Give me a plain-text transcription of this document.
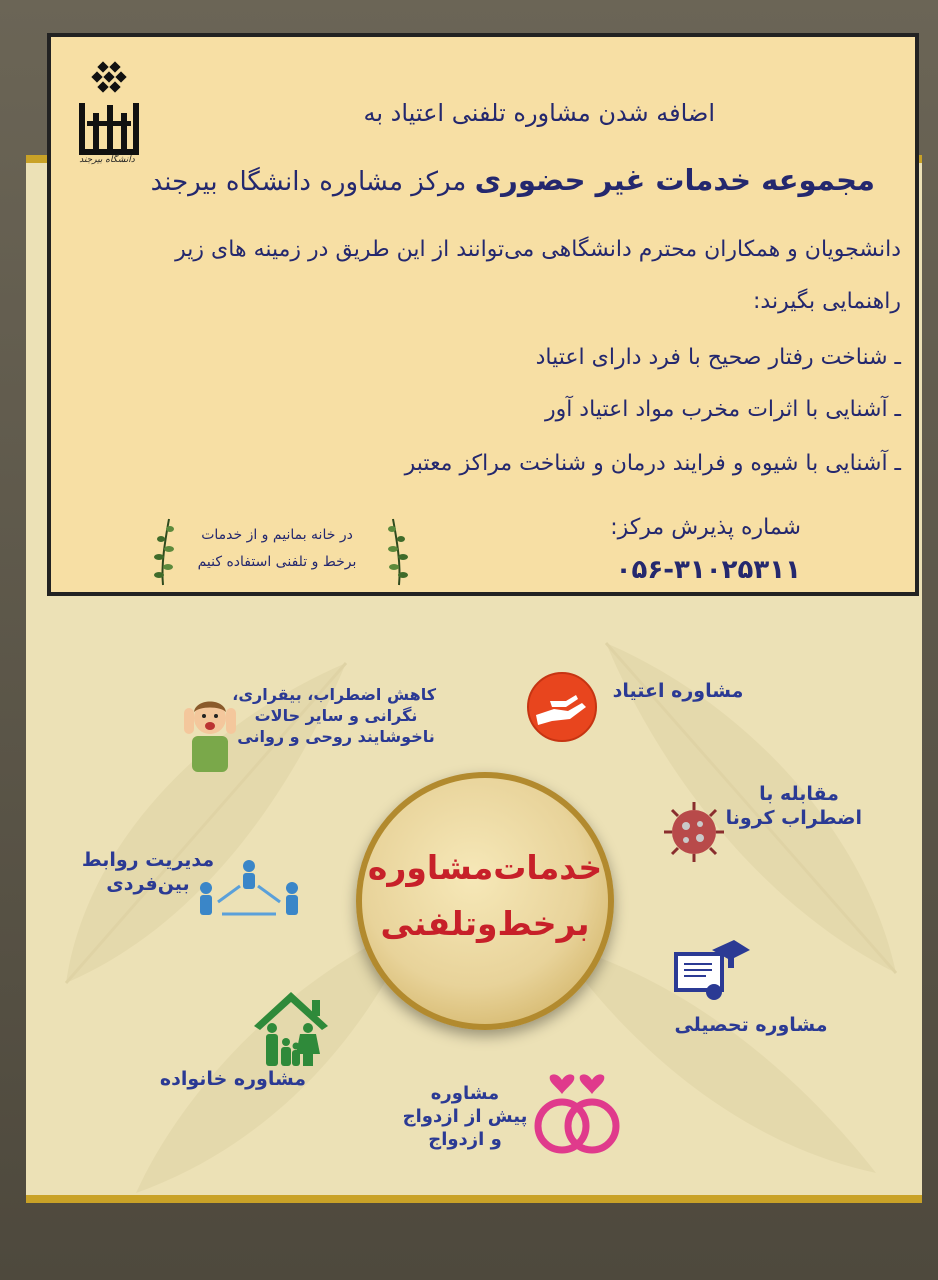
دانشگاه بیرجند
اضافه شدن مشاوره تلفنی اعتیاد به
مجموعه خدمات غیر حضوری مرکز مشاوره دانشگاه بیرجند
دانشجویان و همکاران محترم دانشگاهی می‌توانند از این طریق در زمینه های زیر
راهنمایی بگیرند:
ـ شناخت رفتار صحیح با فرد دارای اعتیاد
ـ آشنایی با اثرات مخرب مواد اعتیاد آور
ـ آشنایی با شیوه و فرایند درمان و شناخت مراکز معتبر
در خانه بمانیم و از خدمات
برخط و تلفنی استفاده کنیم
شماره پذیرش مرکز:
۰۵۶-۳۱۰۲۵۳۱۱
خدمات‌مشاوره
برخط‌وتلفنی
مشاوره اعتیاد
کاهش اضطراب، بیقراری،
نگرانی و سایر حالات
ناخوشایند روحی و روانی
مقابله با
اضطراب کرونا
مدیریت روابط
بین‌فردی
مشاوره تحصیلی
مشاوره خانواده
مشاوره
پیش از ازدواج
و ازدواج
